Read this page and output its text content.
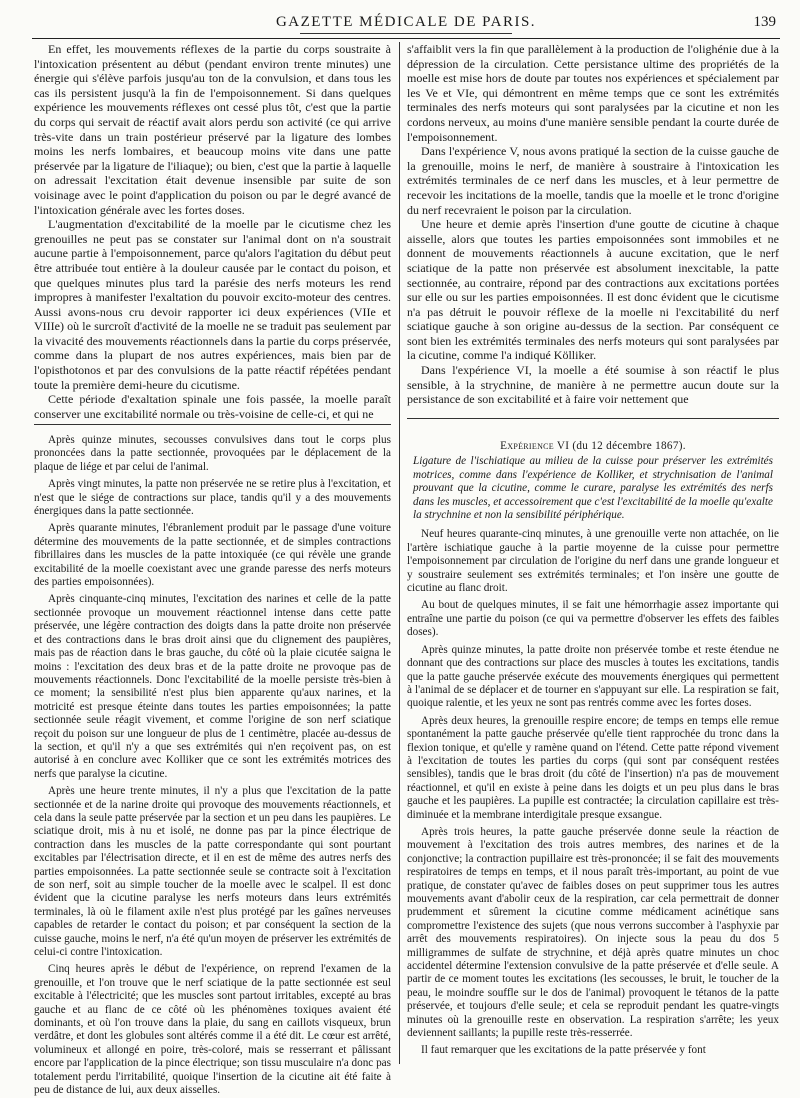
GAZETTE MÉDICALE DE PARIS.	139

En effet, les mouvements réflexes de la partie du corps soustraite à l'intoxication présentent au début (pendant environ trente minutes) une énergie qui s'élève parfois jusqu'au ton de la convulsion, et dans tous les cas ils persistent jusqu'à la fin de l'empoisonnement. Si dans quelques expérience les mouvements réflexes ont cessé plus tôt, c'est que la partie du corps qui servait de réactif avait alors perdu son activité (ce qui arrive très-vite dans un train postérieur préservé par la ligature des lombes moins les nerfs lombaires, et beaucoup moins vite dans une patte préservée par la ligature de l'iliaque); ou bien, c'est que la partie à laquelle on adressait l'excitation était devenue insensible par suite de son voisinage avec le point d'application du poison ou par le degré avancé de l'intoxication générale avec les fortes doses.

L'augmentation d'excitabilité de la moelle par le cicutisme chez les grenouilles ne peut pas se constater sur l'animal dont on n'a soustrait aucune partie à l'empoisonnement, parce qu'alors l'agitation du début peut être attribuée tout entière à la douleur causée par le contact du poison, et que quelques minutes plus tard la parésie des nerfs moteurs les rend impropres à manifester l'exaltation du pouvoir excito-moteur des centres. Aussi avons-nous cru devoir rapporter ici deux expériences (VIIe et VIIIe) où le surcroît d'activité de la moelle ne se traduit pas seulement par la vivacité des mouvements réactionnels dans la partie du corps préservée, comme dans la plupart de nos autres expériences, mais bien par de l'opisthotonos et par des convulsions de la patte réactif répétées pendant toute la première demi-heure du cicutisme.

Cette période d'exaltation spinale une fois passée, la moelle paraît conserver une excitabilité normale ou très-voisine de celle-ci, et qui ne

s'affaiblit vers la fin que parallèlement à la production de l'olighénie due à la dépression de la circulation. Cette persistance ultime des propriétés de la moelle est mise hors de doute par toutes nos expériences et spécialement par les Ve et VIe, qui démontrent en même temps que ce sont les extrémités terminales des nerfs moteurs qui sont paralysées par la cicutine et non les cordons nerveux, au moins d'une manière sensible pendant la courte durée de l'empoisonnement.

Dans l'expérience V, nous avons pratiqué la section de la cuisse gauche de la grenouille, moins le nerf, de manière à soustraire à l'intoxication les extrémités terminales de ce nerf dans les muscles, et à leur permettre de recevoir les incitations de la moelle, tandis que la moelle et le tronc d'origine du nerf recevraient le poison par la circulation.

Une heure et demie après l'insertion d'une goutte de cicutine à chaque aisselle, alors que toutes les parties empoisonnées sont immobiles et ne donnent de mouvements réactionnels à aucune excitation, que le nerf sciatique de la patte non préservée est absolument inexcitable, la patte sectionnée, au contraire, répond par des contractions aux excitations portées sur elle ou sur les parties empoisonnées. Il est donc évident que le cicutisme n'a pas détruit le pouvoir réflexe de la moelle ni l'excitabilité du nerf sciatique gauche à son origine au-dessus de la section. Par conséquent ce sont bien les extrémités terminales des nerfs moteurs qui sont paralysées par la cicutine, comme l'a indiqué Kölliker.

Dans l'expérience VI, la moelle a été soumise à son réactif le plus sensible, à la strychnine, de manière à ne permettre aucun doute sur la persistance de son excitabilité et à faire voir nettement que

Après quinze minutes, secousses convulsives dans tout le corps plus prononcées dans la patte sectionnée, provoquées par le déplacement de la plaque de liége et par celui de l'animal.

Après vingt minutes, la patte non préservée ne se retire plus à l'excitation, et n'est que le siége de contractions sur place, tandis qu'il y a des mouvements énergiques dans la patte sectionnée.

Après quarante minutes, l'ébranlement produit par le passage d'une voiture détermine des mouvements de la patte sectionnée, et de simples contractions fibrillaires dans les muscles de la patte intoxiquée (ce qui révèle une grande excitabilité de la moelle coexistant avec une grande paresse des nerfs moteurs des parties empoisonnées).

Après cinquante-cinq minutes, l'excitation des narines et celle de la patte sectionnée provoque un mouvement réactionnel intense dans cette patte préservée, une légère contraction des doigts dans la patte droite non préservée et des contractions dans le bras droit ainsi que du clignement des paupières, mais pas de réaction dans le bras gauche, du côté où la plaie cicutée saigna le moins : l'excitation des deux bras et de la patte droite ne provoque pas de mouvements réactionnels. Donc l'excitabilité de la moelle persiste très-bien à ce moment; la sensibilité n'est plus bien apparente qu'aux narines, et la motricité est presque éteinte dans toutes les parties empoisonnées; la patte sectionnée seule réagit vivement, et comme l'origine de son nerf sciatique reçoit du poison sur une longueur de plus de 1 centimètre, placée au-dessus de la section, et qu'il n'y a que ses extrémités qui n'en reçoivent pas, on est autorisé à en conclure avec Kolliker que ce sont les extrémités motrices des nerfs que paralyse la cicutine.

Après une heure trente minutes, il n'y a plus que l'excitation de la patte sectionnée et de la narine droite qui provoque des mouvements réactionnels, et cela dans la seule patte préservée par la section et un peu dans les paupières. Le sciatique droit, mis à nu et isolé, ne donne pas par la pince électrique de contraction dans les muscles de la patte correspondante qui sont pourtant excitables par l'électrisation directe, et il en est de même des autres nerfs des parties empoisonnées. La patte sectionnée seule se contracte soit à l'excitation de son nerf, soit au simple toucher de la moelle avec le scalpel. Il est donc évident que la cicutine paralyse les nerfs moteurs dans leurs extrémités terminales, là où le filament axile n'est plus protégé par les gaînes nerveuses capables de retarder le contact du poison; et par conséquent la section de la cuisse gauche, moins le nerf, n'a été qu'un moyen de préserver les extrémités de celui-ci contre l'intoxication.

Cinq heures après le début de l'expérience, on reprend l'examen de la grenouille, et l'on trouve que le nerf sciatique de la patte sectionnée est seul excitable à l'électricité; que les muscles sont partout irritables, excepté au bras gauche et au flanc de ce côté où les phénomènes toxiques avaient été dominants, et où l'on trouve dans la plaie, du sang en caillots visqueux, brun verdâtre, et dont les globules sont altérés comme il a été dit. Le cœur est arrêté, volumineux et allongé en poire, très-coloré, mais se resserrant et pâlissant encore par l'application de la pince électrique; son tissu musculaire n'a donc pas totalement perdu l'irritabilité, quoique l'insertion de la cicutine ait été faite à peu de distance de lui, aux deux aisselles.

Expérience VI (du 12 décembre 1867).

Ligature de l'ischiatique au milieu de la cuisse pour préserver les extrémités motrices, comme dans l'expérience de Kolliker, et strychnisation de l'animal prouvant que la cicutine, comme le curare, paralyse les extrémités des nerfs dans les muscles, et accessoirement que c'est l'excitabilité de la moelle qu'exalte la strychnine et non la sensibilité périphérique.

Neuf heures quarante-cinq minutes, à une grenouille verte non attachée, on lie l'artère ischiatique gauche à la partie moyenne de la cuisse pour permettre l'empoisonnement par circulation de l'origine du nerf dans une grande longueur et y soustraire seulement ses extrémités terminales; et l'on insère une goutte de cicutine au flanc droit.

Au bout de quelques minutes, il se fait une hémorrhagie assez importante qui entraîne une partie du poison (ce qui va permettre d'observer les effets des faibles doses).

Après quinze minutes, la patte droite non préservée tombe et reste étendue ne donnant que des contractions sur place des muscles à toutes les excitations, tandis que la patte gauche préservée exécute des mouvements énergiques qui permettent à l'animal de se déplacer et de tourner en s'appuyant sur elle. La respiration se fait, quoique ralentie, et les yeux ne sont pas rentrés comme avec les fortes doses.

Après deux heures, la grenouille respire encore; de temps en temps elle remue spontanément la patte gauche préservée qu'elle tient rapprochée du tronc dans la flexion tonique, et qu'elle y ramène quand on l'étend. Cette patte répond vivement à l'excitation de toutes les parties du corps (qui sont par conséquent restées sensibles), tandis que le bras droit (du côté de l'insertion) n'a pas de mouvement réactionnel, et qu'il en existe à peine dans les doigts et un peu plus dans le bras gauche et les paupières. La pupille est contractée; la circulation capillaire est très-diminuée et la membrane interdigitale presque exsangue.

Après trois heures, la patte gauche préservée donne seule la réaction de mouvement à l'excitation des trois autres membres, des narines et de la conjonctive; la contraction pupillaire est très-prononcée; il se fait des mouvements respiratoires de temps en temps, et il nous paraît très-important, au point de vue pratique, de constater qu'avec de faibles doses on peut supprimer tous les autres mouvements avant d'abolir ceux de la respiration, car cela permettrait de donner prudemment et sûrement la cicutine comme médicament acinétique sans compromettre l'existence des sujets (que nous verrons succomber à l'asphyxie par arrêt des mouvements respiratoires). On injecte sous la peau du dos 5 milligrammes de sulfate de strychnine, et déjà après quatre minutes un choc accidentel détermine l'extension convulsive de la patte préservée et d'elle seule. A partir de ce moment toutes les excitations (les secousses, le bruit, le toucher de la peau, le moindre souffle sur le dos de l'animal) provoquent le tétanos de la patte préservée, et toujours d'elle seule; et cela se reproduit pendant les quatre-vingts minutes où la grenouille reste en observation. La respiration s'arrête; les yeux deviennent saillants; la pupille reste très-resserrée.

Il faut remarquer que les excitations de la patte préservée y font
